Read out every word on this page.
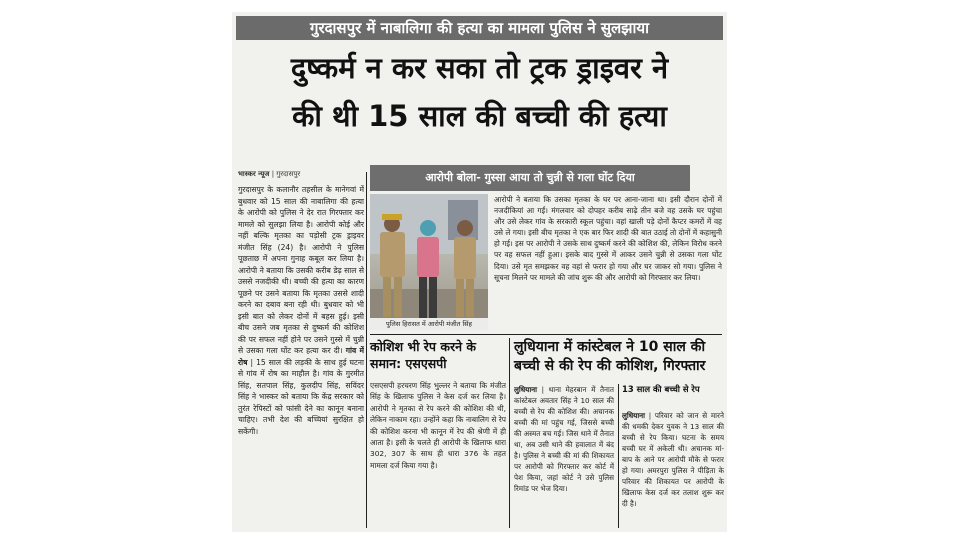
गुरदासपुर में नाबालिगा की हत्या का मामला पुलिस ने सुलझाया
दुष्कर्म न कर सका तो ट्रक ड्राइवर ने
की थी 15 साल की बच्ची की हत्या
भास्कर न्यूज | गुरदासपुर
गुरदासपुर के कलानौर तहसील के मानेगवां में बुधवार को 15 साल की नाबालिगा की हत्या के आरोपी को पुलिस ने देर रात गिरफ्तार कर मामले को सुलझा लिया है। आरोपी कोई और नहीं बल्कि मृतका का पड़ोसी ट्रक ड्राइवर मंजीत सिंह (24) है। आरोपी ने पुलिस पूछताछ में अपना गुनाह कबूल कर लिया है। आरोपी ने बताया कि उसकी करीब डेढ़ साल से उससे नजदीकी थी। बच्ची की हत्या का कारण पूछने पर उसने बताया कि मृतका उससे शादी करने का दबाव बना रही थी। बुधवार को भी इसी बात को लेकर दोनों में बहस हुई। इसी बीच उसने जब मृतका से दुष्कर्म की कोशिश की पर सफल नहीं होने पर उसने गुस्से में चुन्नी से उसका गला घोंट कर हत्या कर दी। गांव में रोष | 15 साल की लड़की के साथ हुई घटना से गांव में रोष का माहौल है। गांव के गुरमीत सिंह, सतपाल सिंह, कुलदीप सिंह, सविंदर सिंह ने भास्कर को बताया कि केंद्र सरकार को तुरंत रेपिस्टों को फांसी देने का कानून बनाना चाहिए। तभी देश की बच्चियां सुरक्षित हो सकेंगी।
आरोपी बोला- गुस्सा आया तो चुन्नी से गला घोंट दिया
पुलिस हिरासत में आरोपी मंजीत सिंह
आरोपी ने बताया कि उसका मृतका के घर पर आना-जाना था। इसी दौरान दोनों में नजदीकियां आ गईं। मंगलवार को दोपहर करीब साढ़े तीन बजे वह उसके घर पहुंचा और उसे लेकर गांव के सरकारी स्कूल पहुंचा। वहां खाली पड़े दोनों कैप्टर कमरों में वह उसे ले गया। इसी बीच मृतका ने एक बार फिर शादी की बात उठाई तो दोनों में कहासुनी हो गई। इस पर आरोपी ने उसके साथ दुष्कर्म करने की कोशिश की, लेकिन विरोध करने पर वह सफल नहीं हुआ। इसके बाद गुस्से में आकर उसने चुन्नी से उसका गला घोंट दिया। उसे मृत समझकर वह वहां से फरार हो गया और घर जाकर सो गया। पुलिस ने सूचना मिलने पर मामले की जांच शुरू की और आरोपी को गिरफ्तार कर लिया।
कोशिश भी रेप करने के समान: एसएसपी
एसएसपी हरचरण सिंह भुल्लर ने बताया कि मंजीत सिंह के खिलाफ पुलिस ने केस दर्ज कर लिया है। आरोपी ने मृतका से रेप करने की कोशिश की थी, लेकिन नाकाम रहा। उन्होंने कहा कि नाबालिग से रेप की कोशिश करना भी कानून में रेप की श्रेणी में ही आता है। इसी के चलते ही आरोपी के खिलाफ धारा 302, 307 के साथ ही धारा 376 के तहत मामला दर्ज किया गया है।
लुधियाना में कांस्टेबल ने 10 साल की बच्ची से की रेप की कोशिश, गिरफ्तार
लुधियाना | थाना मेहरबान में तैनात कांस्टेबल अवतार सिंह ने 10 साल की बच्ची से रेप की कोशिश की। अचानक बच्ची की मां पहुंच गई, जिससे बच्ची की अस्मत बच गई। जिस थाने में तैनात था, अब उसी थाने की हवालात में बंद है। पुलिस ने बच्ची की मां की शिकायत पर आरोपी को गिरफ्तार कर कोर्ट में पेश किया, जहां कोर्ट ने उसे पुलिस रिमांड पर भेज दिया।
13 साल की बच्ची से रेप
लुधियाना | परिवार को जान से मारने की धमकी देकर युवक ने 13 साल की बच्ची से रेप किया। घटना के समय बच्ची घर में अकेली थी। अचानक मां-बाप के आने पर आरोपी मौके से फरार हो गया। अमरपुरा पुलिस ने पीड़िता के परिवार की शिकायत पर आरोपी के खिलाफ केस दर्ज कर तलाश शुरू कर दी है।
